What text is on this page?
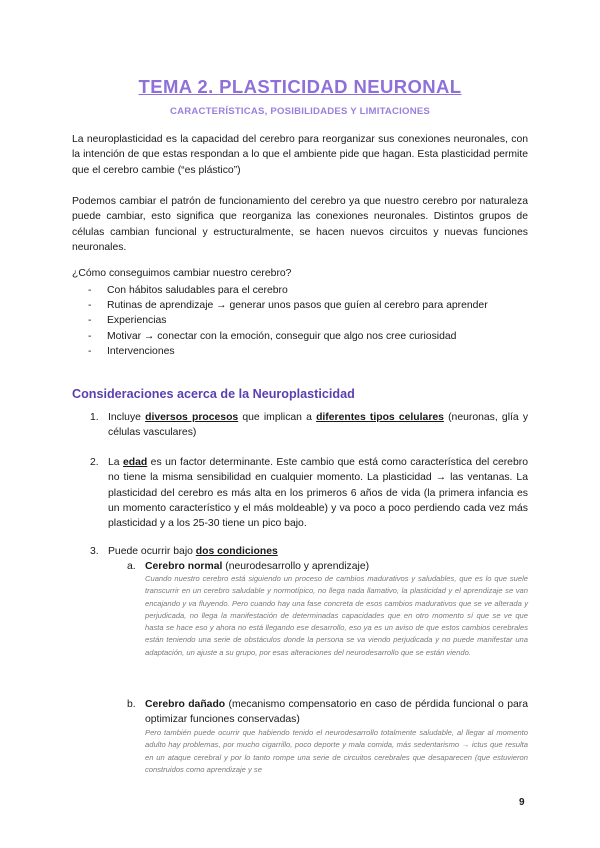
TEMA 2. PLASTICIDAD NEURONAL
CARACTERÍSTICAS, POSIBILIDADES Y LIMITACIONES

La neuroplasticidad es la capacidad del cerebro para reorganizar sus conexiones neuronales, con la intención de que estas respondan a lo que el ambiente pide que hagan. Esta plasticidad permite que el cerebro cambie (“es plástico”)

Podemos cambiar el patrón de funcionamiento del cerebro ya que nuestro cerebro por naturaleza puede cambiar, esto significa que reorganiza las conexiones neuronales. Distintos grupos de células cambian funcional y estructuralmente, se hacen nuevos circuitos y nuevas funciones neuronales.

¿Cómo conseguimos cambiar nuestro cerebro?
- Con hábitos saludables para el cerebro
- Rutinas de aprendizaje → generar unos pasos que guíen al cerebro para aprender
- Experiencias
- Motivar → conectar con la emoción, conseguir que algo nos cree curiosidad
- Intervenciones
Consideraciones acerca de la Neuroplasticidad
1. Incluye diversos procesos que implican a diferentes tipos celulares (neuronas, glía y células vasculares)
2. La edad es un factor determinante. Este cambio que está como característica del cerebro no tiene la misma sensibilidad en cualquier momento. La plasticidad → las ventanas. La plasticidad del cerebro es más alta en los primeros 6 años de vida (la primera infancia es un momento característico y el más moldeable) y va poco a poco perdiendo cada vez más plasticidad y a los 25-30 tiene un pico bajo.
3. Puede ocurrir bajo dos condiciones
a. Cerebro normal (neurodesarrollo y aprendizaje)

Cuando nuestro cerebro está siguiendo un proceso de cambios madurativos y saludables, que es lo que suele transcurrir en un cerebro saludable y normotípico, no llega nada llamativo, la plasticidad y el aprendizaje se van encajando y va fluyendo. Pero cuando hay una fase concreta de esos cambios madurativos que se ve alterada y perjudicada, no llega la manifestación de determinadas capacidades que en otro momento sí que se ve que hasta se hace eso y ahora no está llegando ese desarrollo, eso ya es un aviso de que estos cambios cerebrales están teniendo una serie de obstáculos donde la persona se va viendo perjudicada y no puede manifestar una adaptación, un ajuste a su grupo, por esas alteraciones del neurodesarrollo que se están viendo.

b. Cerebro dañado (mecanismo compensatorio en caso de pérdida funcional o para optimizar funciones conservadas)

Pero también puede ocurrir que habiendo tenido el neurodesarrollo totalmente saludable, al llegar al momento adulto hay problemas, por mucho cigarrillo, poco deporte y mala comida, más sedentarismo → ictus que resulta en un ataque cerebral y por lo tanto rompe una serie de circuitos cerebrales que desaparecen (que estuvieron construidos como aprendizaje y se

9
